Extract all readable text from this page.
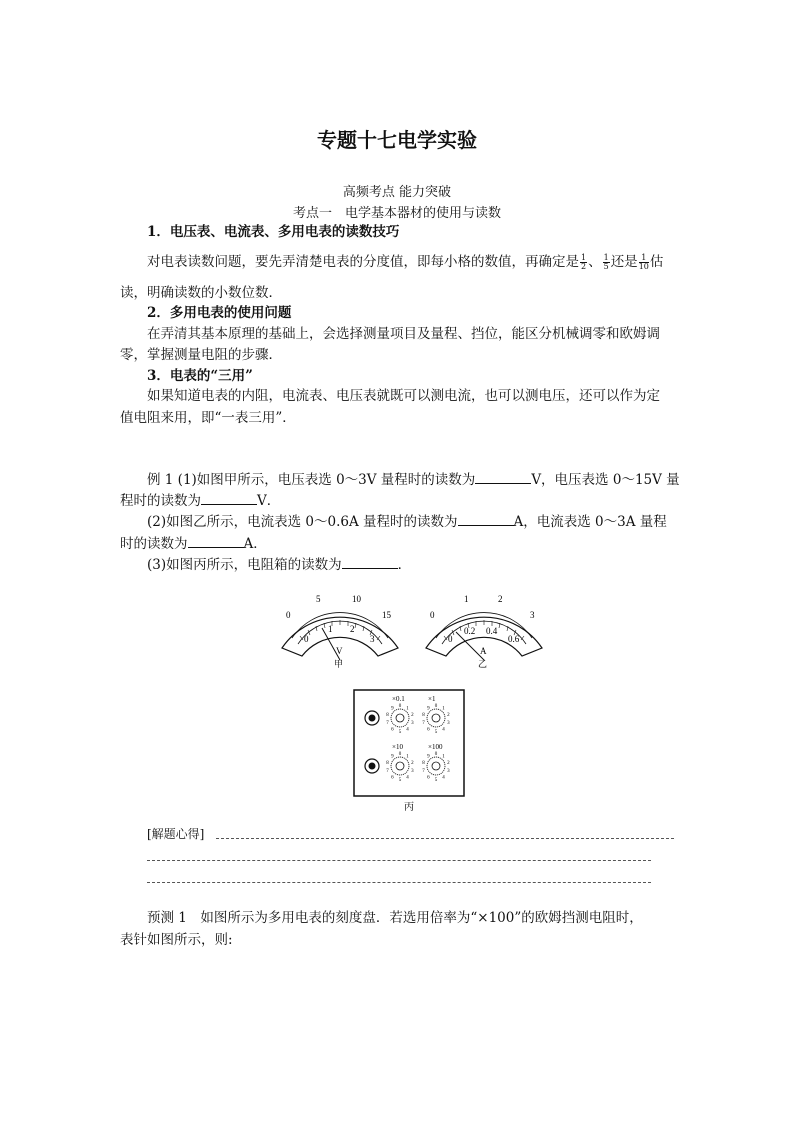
专题十七电学实验
高频考点 能力突破
考点一　电学基本器材的使用与读数
1．电压表、电流表、多用电表的读数技巧
对电表读数问题，要先弄清楚电表的分度值，即每小格的数值，再确定是 $\frac{1}{2}$ 、 $\frac{1}{5}$ 还是 $\frac{1}{10}$ 估
读，明确读数的小数位数．
2．多用电表的使用问题
在弄清其基本原理的基础上，会选择测量项目及量程、挡位，能区分机械调零和欧姆调
零，掌握测量电阻的步骤．
3．电表的“三用”
如果知道电表的内阻，电流表、电压表就既可以测电流，也可以测电压，还可以作为定
值电阻来用，即“一表三用”．
例 1 (1)如图甲所示，电压表选 0～3V 量程时的读数为	V，电压表选 0～15V 量
程时的读数为	V．
(2)如图乙所示，电流表选 0～0.6A 量程时的读数为	A，电流表选 0～3A 量程
时的读数为	A．
(3)如图丙所示，电阻箱的读数为	．
0
5	10
15
0
1 2
3
V
甲
0
1	2
3
0
0.2 0.4
0.6
A
乙
×0.1
0 1
2
3
4
5
6
7
8
9
×1
0 1
2
3
4
5
6
7
8
9
×10
0 1
2
3
4
5
6
7
8
9
×100
0 1
2
3
4
5
6
7
8
9
丙
[解题心得]
预测 1　如图所示为多用电表的刻度盘．若选用倍率为“×100”的欧姆挡测电阻时，
表针如图所示，则:
